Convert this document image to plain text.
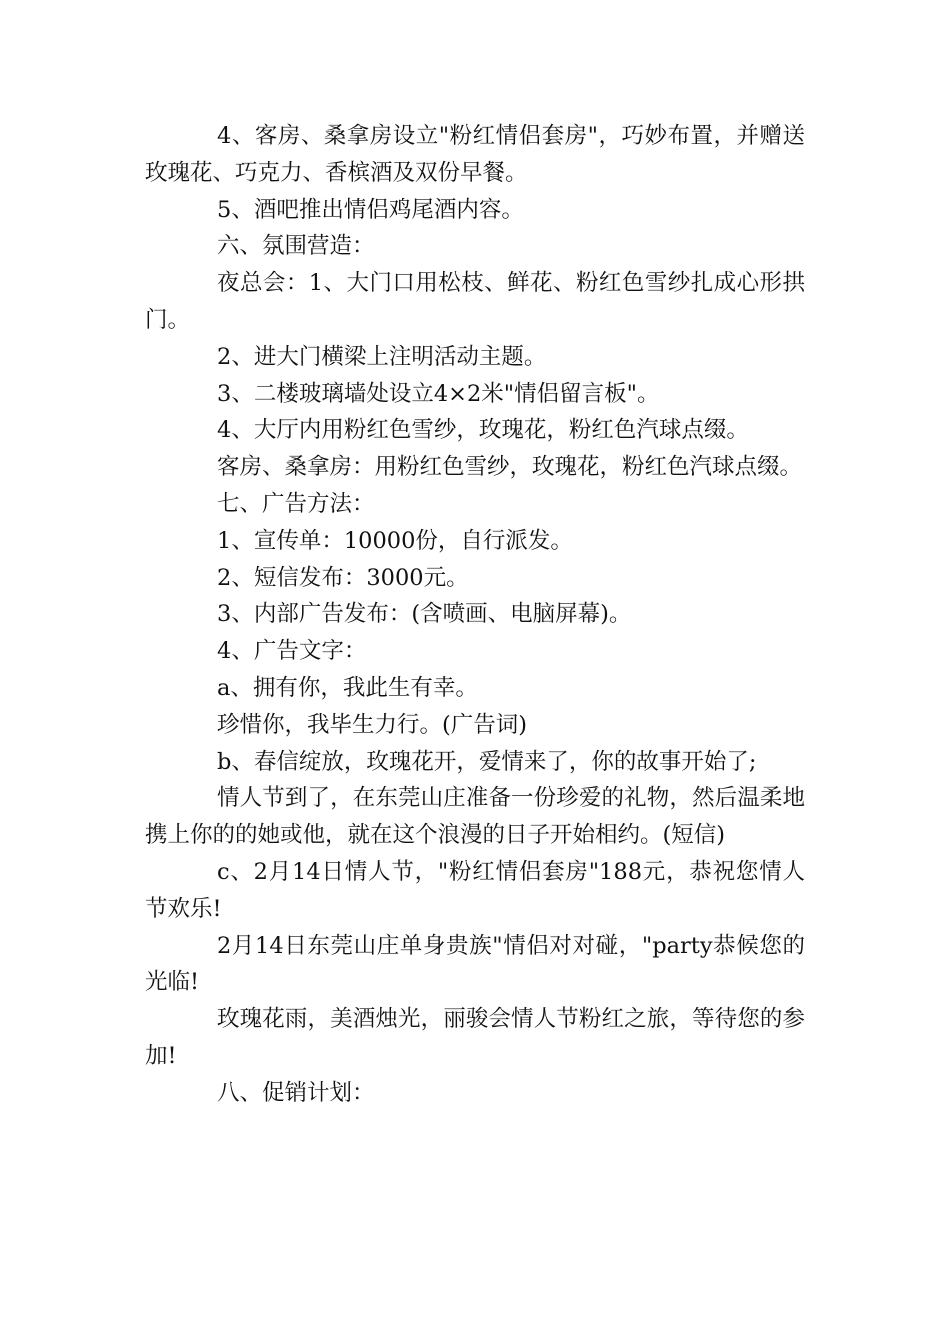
4、客房、桑拿房设立"粉红情侣套房"，巧妙布置，并赠送玫瑰花、巧克力、香槟酒及双份早餐。

5、酒吧推出情侣鸡尾酒内容。

六、氛围营造：

夜总会：1、大门口用松枝、鲜花、粉红色雪纱扎成心形拱门。

2、进大门横梁上注明活动主题。

3、二楼玻璃墙处设立4×2米"情侣留言板"。

4、大厅内用粉红色雪纱，玫瑰花，粉红色汽球点缀。

客房、桑拿房：用粉红色雪纱，玫瑰花，粉红色汽球点缀。

七、广告方法：

1、宣传单：10000份，自行派发。

2、短信发布：3000元。

3、内部广告发布：(含喷画、电脑屏幕)。

4、广告文字：

a、拥有你，我此生有幸。

珍惜你，我毕生力行。(广告词)

b、春信绽放，玫瑰花开，爱情来了，你的故事开始了;

情人节到了，在东莞山庄准备一份珍爱的礼物，然后温柔地携上你的的她或他，就在这个浪漫的日子开始相约。(短信)

c、2月14日情人节，"粉红情侣套房"188元，恭祝您情人节欢乐!

2月14日东莞山庄单身贵族"情侣对对碰，"party恭候您的光临!

玫瑰花雨，美酒烛光，丽骏会情人节粉红之旅，等待您的参加!

八、促销计划：
